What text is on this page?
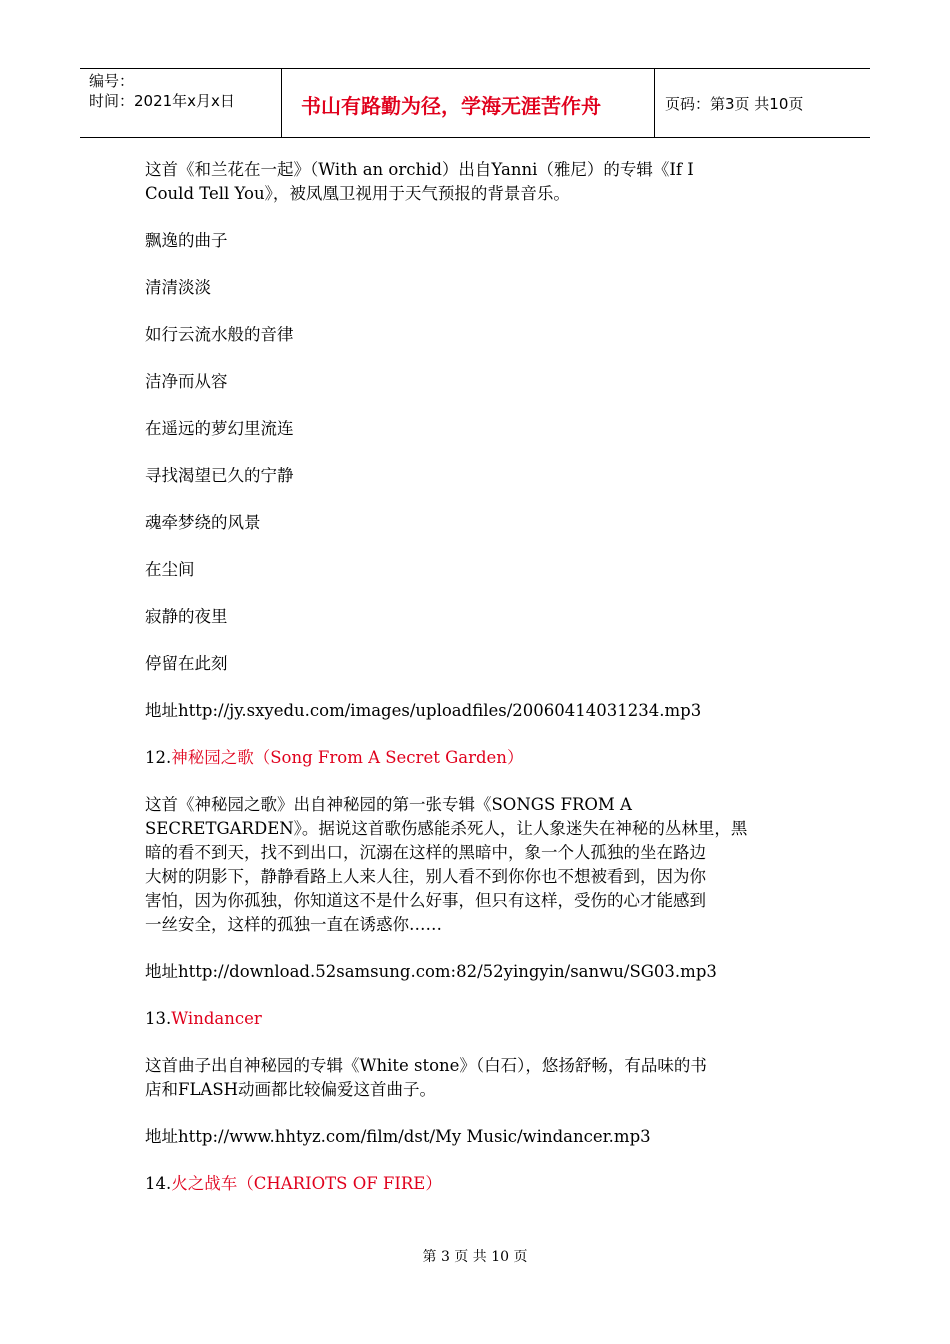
编号：
时间：2021年x月x日	书山有路勤为径，学海无涯苦作舟	页码：第3页 共10页

这首《和兰花在一起》（With an orchid）出自Yanni（雅尼）的专辑《If I
Could Tell You》，被凤凰卫视用于天气预报的背景音乐。

飘逸的曲子

清清淡淡

如行云流水般的音律

洁净而从容

在遥远的萝幻里流连

寻找渴望已久的宁静

魂牵梦绕的风景

在尘间

寂静的夜里

停留在此刻

地址http://jy.sxyedu.com/images/uploadfiles/20060414031234.mp3

12.神秘园之歌（Song From A Secret Garden）

这首《神秘园之歌》出自神秘园的第一张专辑《SONGS FROM A
SECRETGARDEN》。据说这首歌伤感能杀死人，让人象迷失在神秘的丛林里，黑
暗的看不到天，找不到出口，沉溺在这样的黑暗中，象一个人孤独的坐在路边
大树的阴影下，静静看路上人来人往，别人看不到你你也不想被看到，因为你
害怕，因为你孤独，你知道这不是什么好事，但只有这样，受伤的心才能感到
一丝安全，这样的孤独一直在诱惑你……

地址http://download.52samsung.com:82/52yingyin/sanwu/SG03.mp3

13.Windancer

这首曲子出自神秘园的专辑《White stone》（白石），悠扬舒畅，有品味的书
店和FLASH动画都比较偏爱这首曲子。

地址http://www.hhtyz.com/film/dst/My Music/windancer.mp3

14.火之战车（CHARIOTS OF FIRE）

第 3 页 共 10 页
